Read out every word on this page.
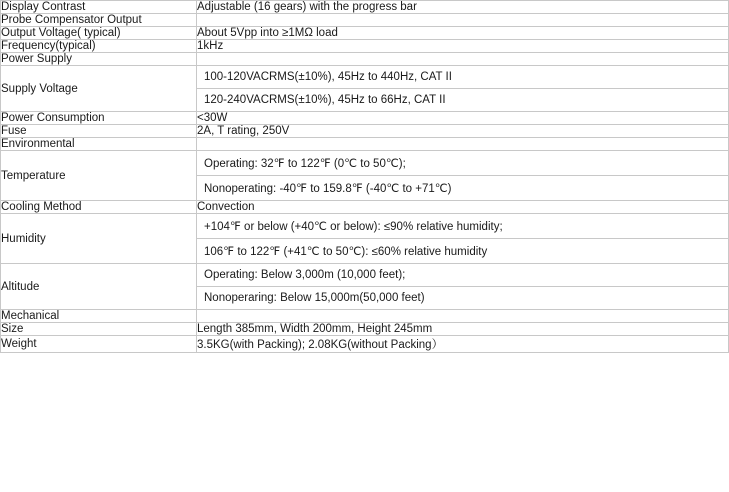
Display Contrast	Adjustable (16 gears) with the progress bar
Probe Compensator Output	
Output Voltage( typical)	About 5Vpp into ≥1MΩ load
Frequency(typical)	1kHz
Power Supply	
Supply Voltage	100-120VACRMS(±10%), 45Hz to 440Hz, CAT II
120-240VACRMS(±10%), 45Hz to 66Hz, CAT II

Power Consumption	<30W
Fuse	2A, T rating, 250V
Environmental	
Temperature	Operating: 32℉ to 122℉ (0℃ to 50℃);
Nonoperating: -40℉ to 159.8℉ (-40℃ to +71℃)

Cooling Method	Convection
Humidity	+104℉ or below (+40℃ or below): ≤90% relative humidity;
106℉ to 122℉ (+41℃ to 50℃): ≤60% relative humidity

Altitude	Operating: Below 3,000m (10,000 feet);
Nonoperaring: Below 15,000m(50,000 feet)

Mechanical	
Size	Length 385mm, Width 200mm, Height 245mm
Weight	3.5KG(with Packing); 2.08KG(without Packing）
